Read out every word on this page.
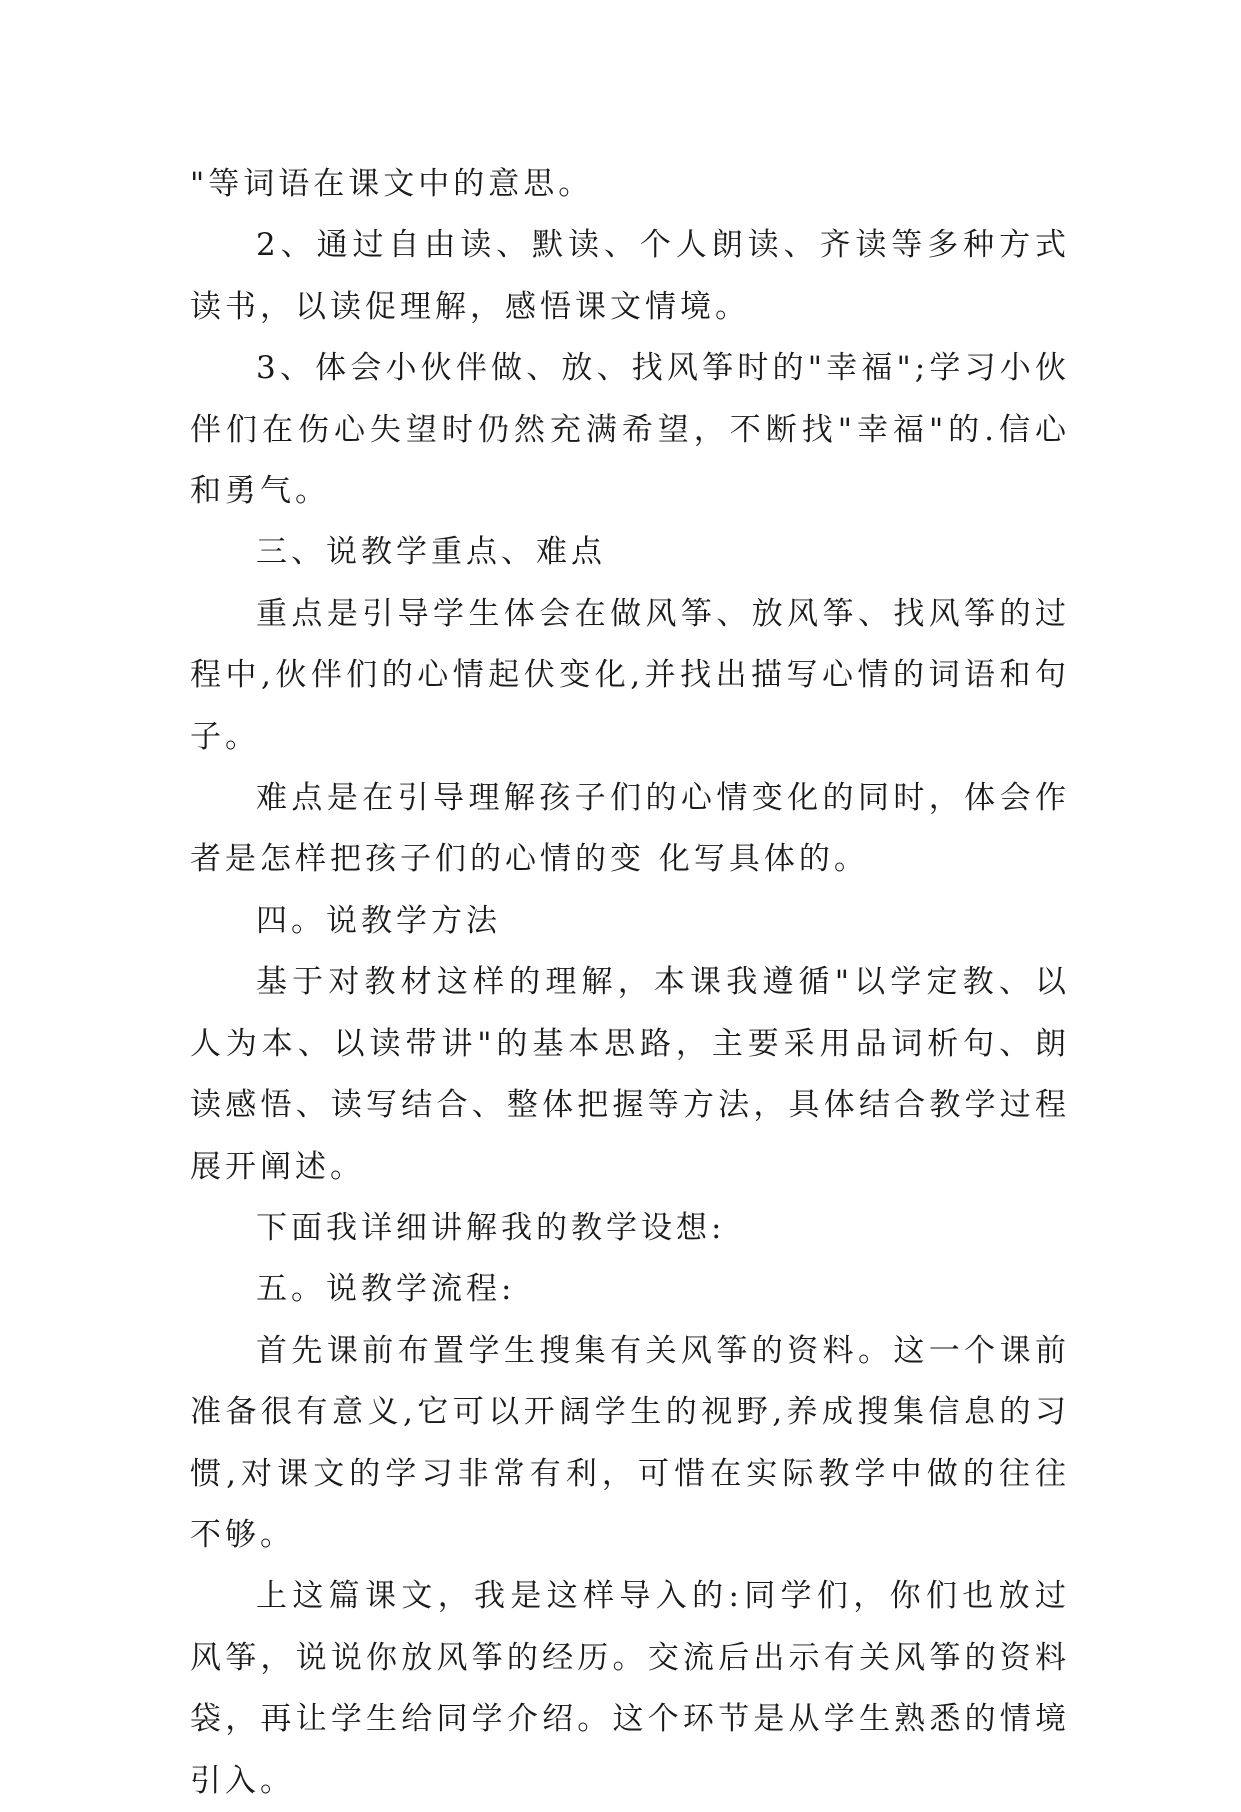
"等词语在课文中的意思。

2、通过自由读、默读、个人朗读、齐读等多种方式读书，以读促理解，感悟课文情境。

3、体会小伙伴做、放、找风筝时的"幸福";学习小伙伴们在伤心失望时仍然充满希望，不断找"幸福"的.信心和勇气。

三、说教学重点、难点

重点是引导学生体会在做风筝、放风筝、找风筝的过程中,伙伴们的心情起伏变化,并找出描写心情的词语和句子。

难点是在引导理解孩子们的心情变化的同时，体会作者是怎样把孩子们的心情的变 化写具体的。

四。说教学方法

基于对教材这样的理解，本课我遵循"以学定教、以人为本、以读带讲"的基本思路，主要采用品词析句、朗读感悟、读写结合、整体把握等方法，具体结合教学过程展开阐述。

下面我详细讲解我的教学设想:

五。说教学流程:

首先课前布置学生搜集有关风筝的资料。这一个课前准备很有意义,它可以开阔学生的视野,养成搜集信息的习惯,对课文的学习非常有利，可惜在实际教学中做的往往不够。

上这篇课文，我是这样导入的:同学们，你们也放过风筝，说说你放风筝的经历。交流后出示有关风筝的资料袋，再让学生给同学介绍。这个环节是从学生熟悉的情境引入。
